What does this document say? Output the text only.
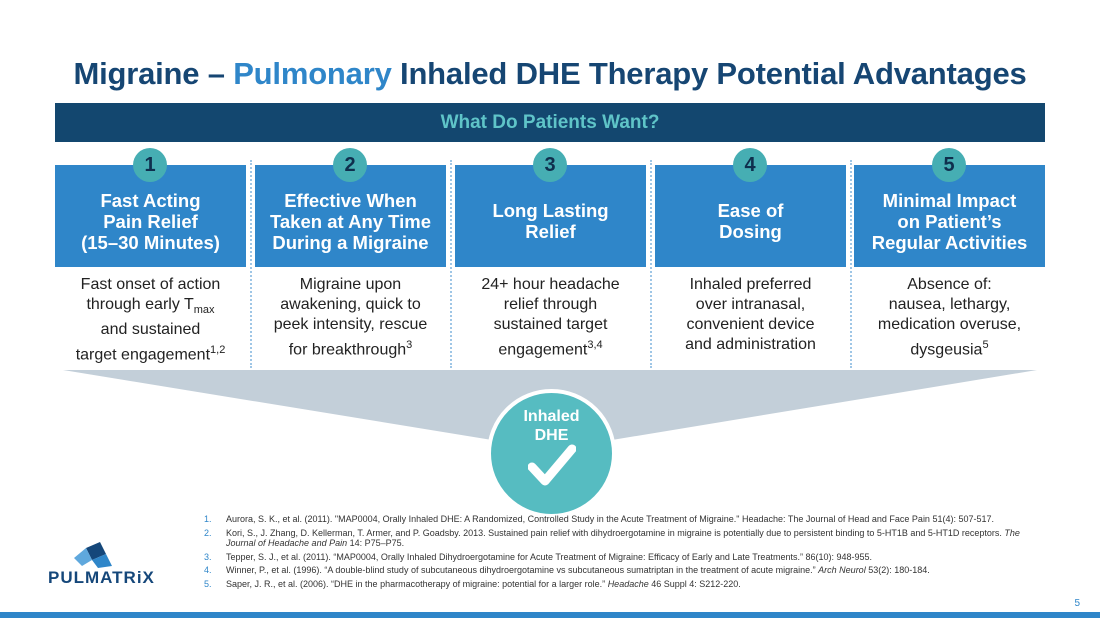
Migraine – Pulmonary Inhaled DHE Therapy Potential Advantages
What Do Patients Want?
1
Fast Acting
Pain Relief
(15–30 Minutes)
Fast onset of action
through early $T_{max}$
and sustained
target engagement$^{1,2}$
2
Effective When
Taken at Any Time
During a Migraine
Migraine upon
awakening, quick to
peek intensity, rescue
for breakthrough$^3$
3
Long Lasting
Relief
24+ hour headache
relief through
sustained target
engagement$^{3,4}$
4
Ease of
Dosing
Inhaled preferred
over intranasal,
convenient device
and administration
5
Minimal Impact
on Patient’s
Regular Activities
Absence of:
nausea, lethargy,
medication overuse,
dysgeusia$^5$
Inhaled
DHE
1.	Aurora, S. K., et al. (2011). "MAP0004, Orally Inhaled DHE: A Randomized, Controlled Study in the Acute Treatment of Migraine." Headache: The Journal of Head and Face Pain 51(4): 507-517.
2.	Kori, S., J. Zhang, D. Kellerman, T. Armer, and P. Goadsby. 2013. Sustained pain relief with dihydroergotamine in migraine is potentially due to persistent binding to 5-HT1B and 5-HT1D receptors. The Journal of Headache and Pain 14: P75–P75.
3.	Tepper, S. J., et al. (2011). “MAP0004, Orally Inhaled Dihydroergotamine for Acute Treatment of Migraine: Efficacy of Early and Late Treatments.” 86(10): 948-955.
4.	Winner, P., et al. (1996). “A double-blind study of subcutaneous dihydroergotamine vs subcutaneous sumatriptan in the treatment of acute migraine.” Arch Neurol 53(2): 180-184.
5.	Saper, J. R., et al. (2006). “DHE in the pharmacotherapy of migraine: potential for a larger role.” Headache 46 Suppl 4: S212-220.
PULMATRiX
5
